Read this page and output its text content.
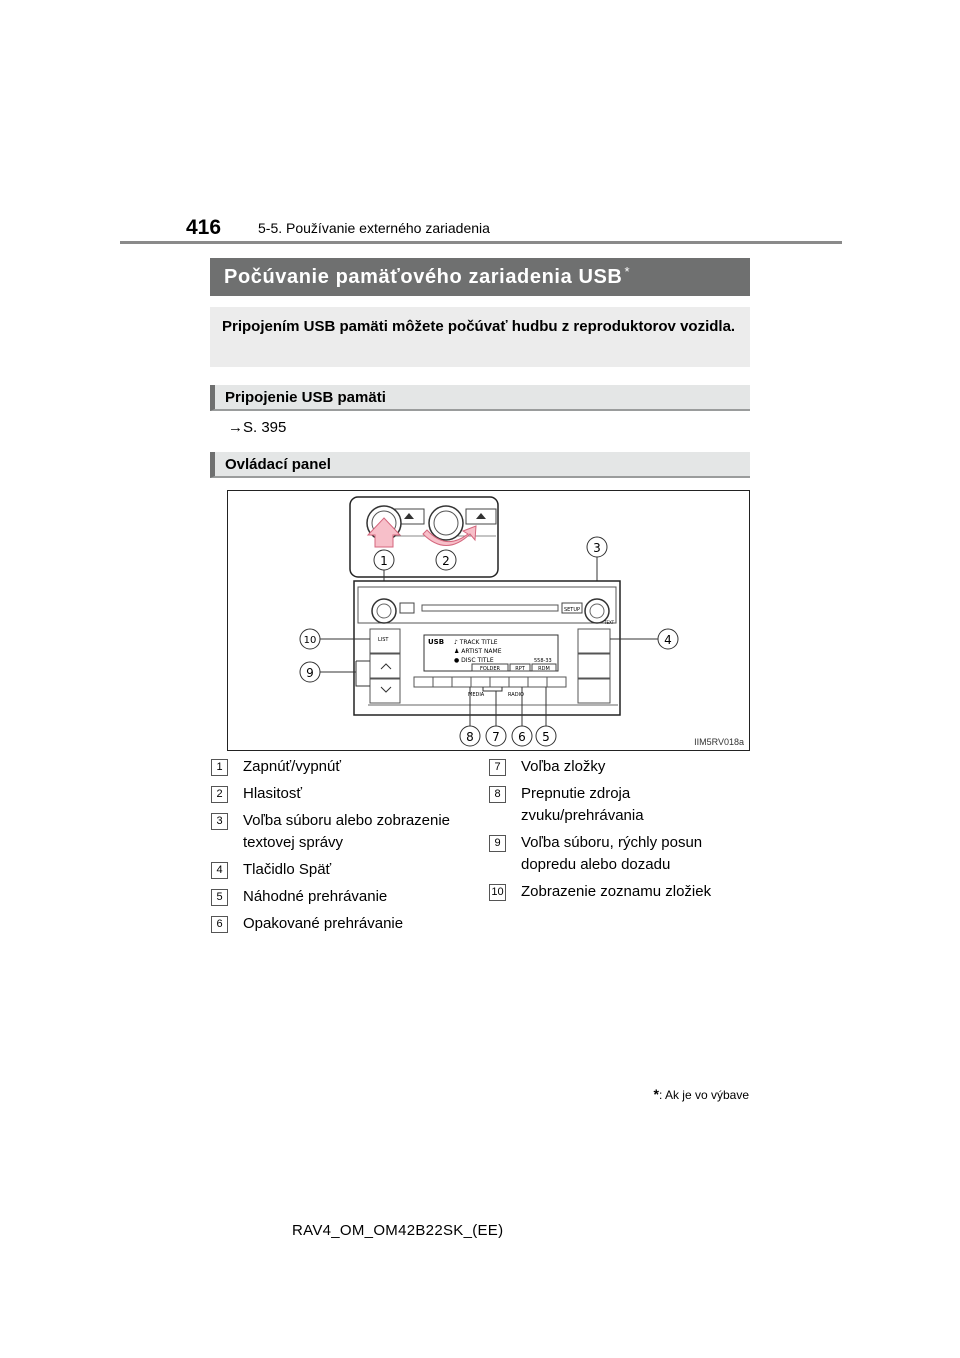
416	5-5. Používanie externého zariadenia
Počúvanie pamäťového zariadenia USB *
Pripojením USB pamäti môžete počúvať hudbu z reproduktorov vozidla.
Pripojenie USB pamäti
→S. 395
Ovládací panel
1	2
3
SETUP
TEXT
LIST	USB ♪ TRACK TITLE
♟ ARTIST NAME
● DISC TITLE	558-33
FOLDER	RPT	RDM
MEDIA	RADIO
10
9
4
8 7 6 5	IIM5RV018a
1	Zapnúť/vypnúť
2	Hlasitosť
3	Voľba súboru alebo zobrazenie textovej správy
4	Tlačidlo Späť
5	Náhodné prehrávanie
6	Opakované prehrávanie
7	Voľba zložky
8	Prepnutie zdroja zvuku/prehrávania
9	Voľba súboru, rýchly posun dopredu alebo dozadu
10 Zobrazenie zoznamu zložiek
*: Ak je vo výbave
RAV4_OM_OM42B22SK_(EE)
